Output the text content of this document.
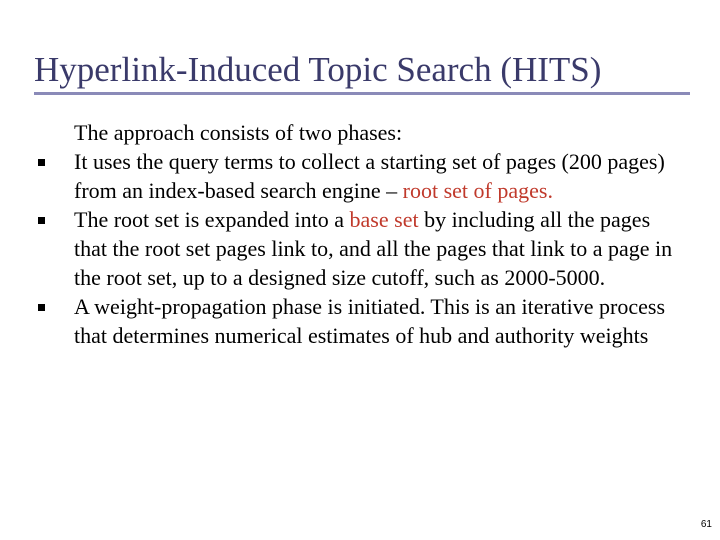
Hyperlink-Induced Topic Search (HITS)
The approach consists of two phases:
It uses the query terms to collect a starting set of pages (200 pages) from an index-based search engine – root set of pages.
The root set is expanded into a base set by including all the pages that the root set pages link to, and all the pages that link to a page in the root set, up to a designed size cutoff, such as 2000-5000.
A weight-propagation phase is initiated. This is an iterative process that determines numerical estimates of hub and authority weights
61
